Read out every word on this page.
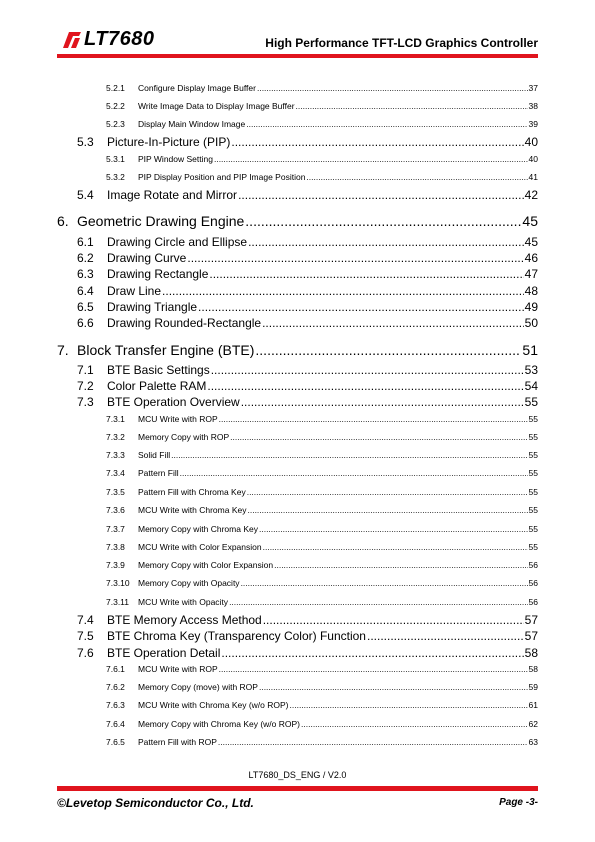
LT7680	High Performance TFT-LCD Graphics Controller
5.2.1	Configure Display Image Buffer .....	37
5.2.2	Write Image Data to Display Image Buffer .....	38
5.2.3	Display Main Window Image .....	39
5.3	Picture-In-Picture (PIP) .....	40
5.3.1	PIP Window Setting .....	40
5.3.2	PIP Display Position and PIP Image Position .....	41
5.4	Image Rotate and Mirror .....	42
6. Geometric Drawing Engine .....	45
6.1	Drawing Circle and Ellipse .....	45
6.2	Drawing Curve .....	46
6.3	Drawing Rectangle .....	47
6.4	Draw Line .....	48
6.5	Drawing Triangle .....	49
6.6	Drawing Rounded-Rectangle .....	50
7. Block Transfer Engine (BTE) .....	51
7.1	BTE Basic Settings .....	53
7.2	Color Palette RAM .....	54
7.3	BTE Operation Overview .....	55
7.3.1	MCU Write with ROP .....	55
7.3.2	Memory Copy with ROP .....	55
7.3.3	Solid Fill .....	55
7.3.4	Pattern Fill .....	55
7.3.5	Pattern Fill with Chroma Key .....	55
7.3.6	MCU Write with Chroma Key .....	55
7.3.7	Memory Copy with Chroma Key .....	55
7.3.8	MCU Write with Color Expansion .....	55
7.3.9	Memory Copy with Color Expansion .....	56
7.3.10 Memory Copy with Opacity .....	56
7.3.11	MCU Write with Opacity .....	56
7.4	BTE Memory Access Method .....	57
7.5	BTE Chroma Key (Transparency Color) Function .....	57
7.6	BTE Operation Detail .....	58
7.6.1	MCU Write with ROP .....	58
7.6.2	Memory Copy (move) with ROP .....	59
7.6.3	MCU Write with Chroma Key (w/o ROP) .....	61
7.6.4	Memory Copy with Chroma Key (w/o ROP) .....	62
7.6.5	Pattern Fill with ROP .....	63
LT7680_DS_ENG / V2.0
©Levetop Semiconductor Co., Ltd.	Page -3-
